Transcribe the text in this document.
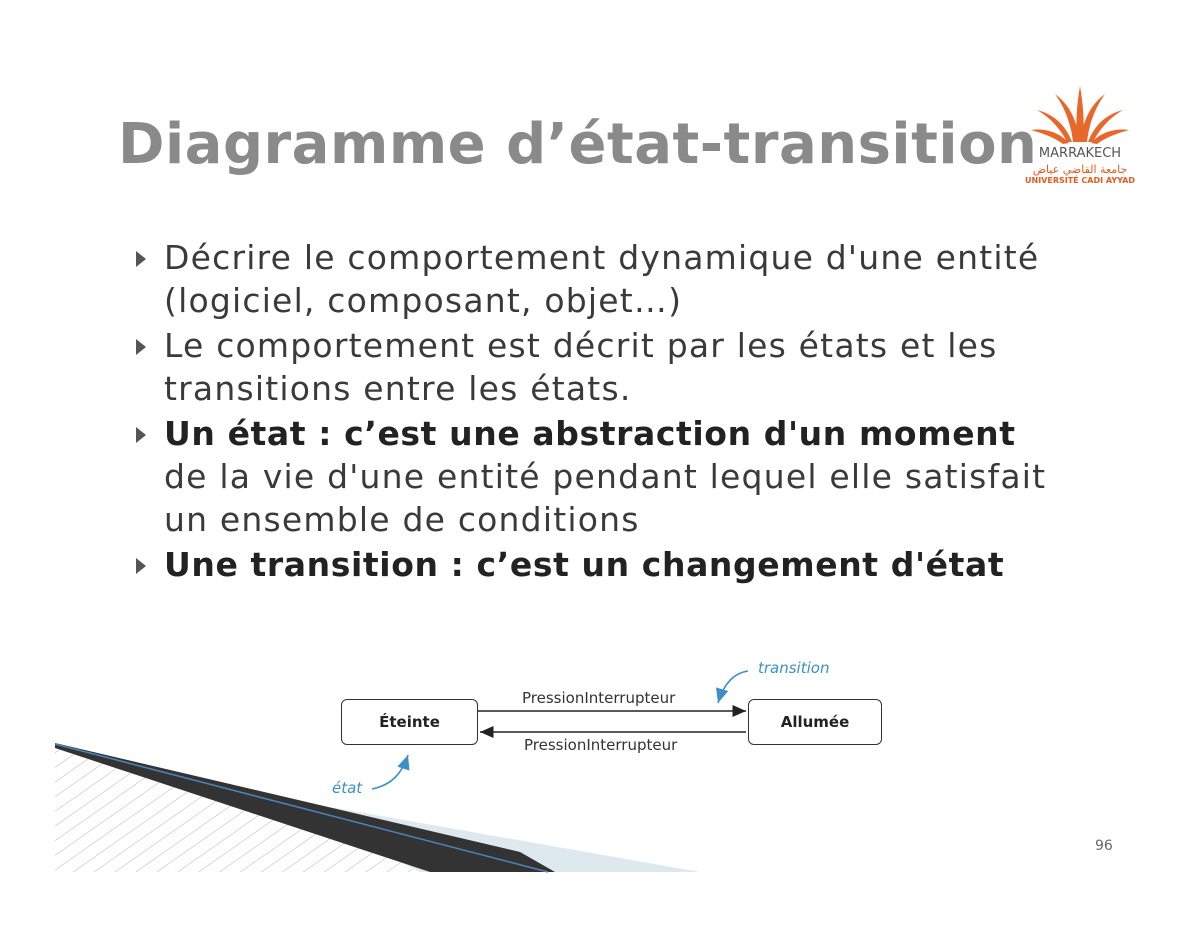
Diagramme d’état-transition MARRAKECH
جامعة القاضي عياض
UNIVERSITÉ CADI AYYAD
Décrire le comportement dynamique d'une entité (logiciel, composant, objet…)
Le comportement est décrit par les états et les transitions entre les états.
Un état : c’est une abstraction d'un moment de la vie d'une entité pendant lequel elle satisfait un ensemble de conditions
Une transition : c’est un changement d'état
Éteinte	Allumée
PressionInterrupteur
PressionInterrupteur
transition
état
96
